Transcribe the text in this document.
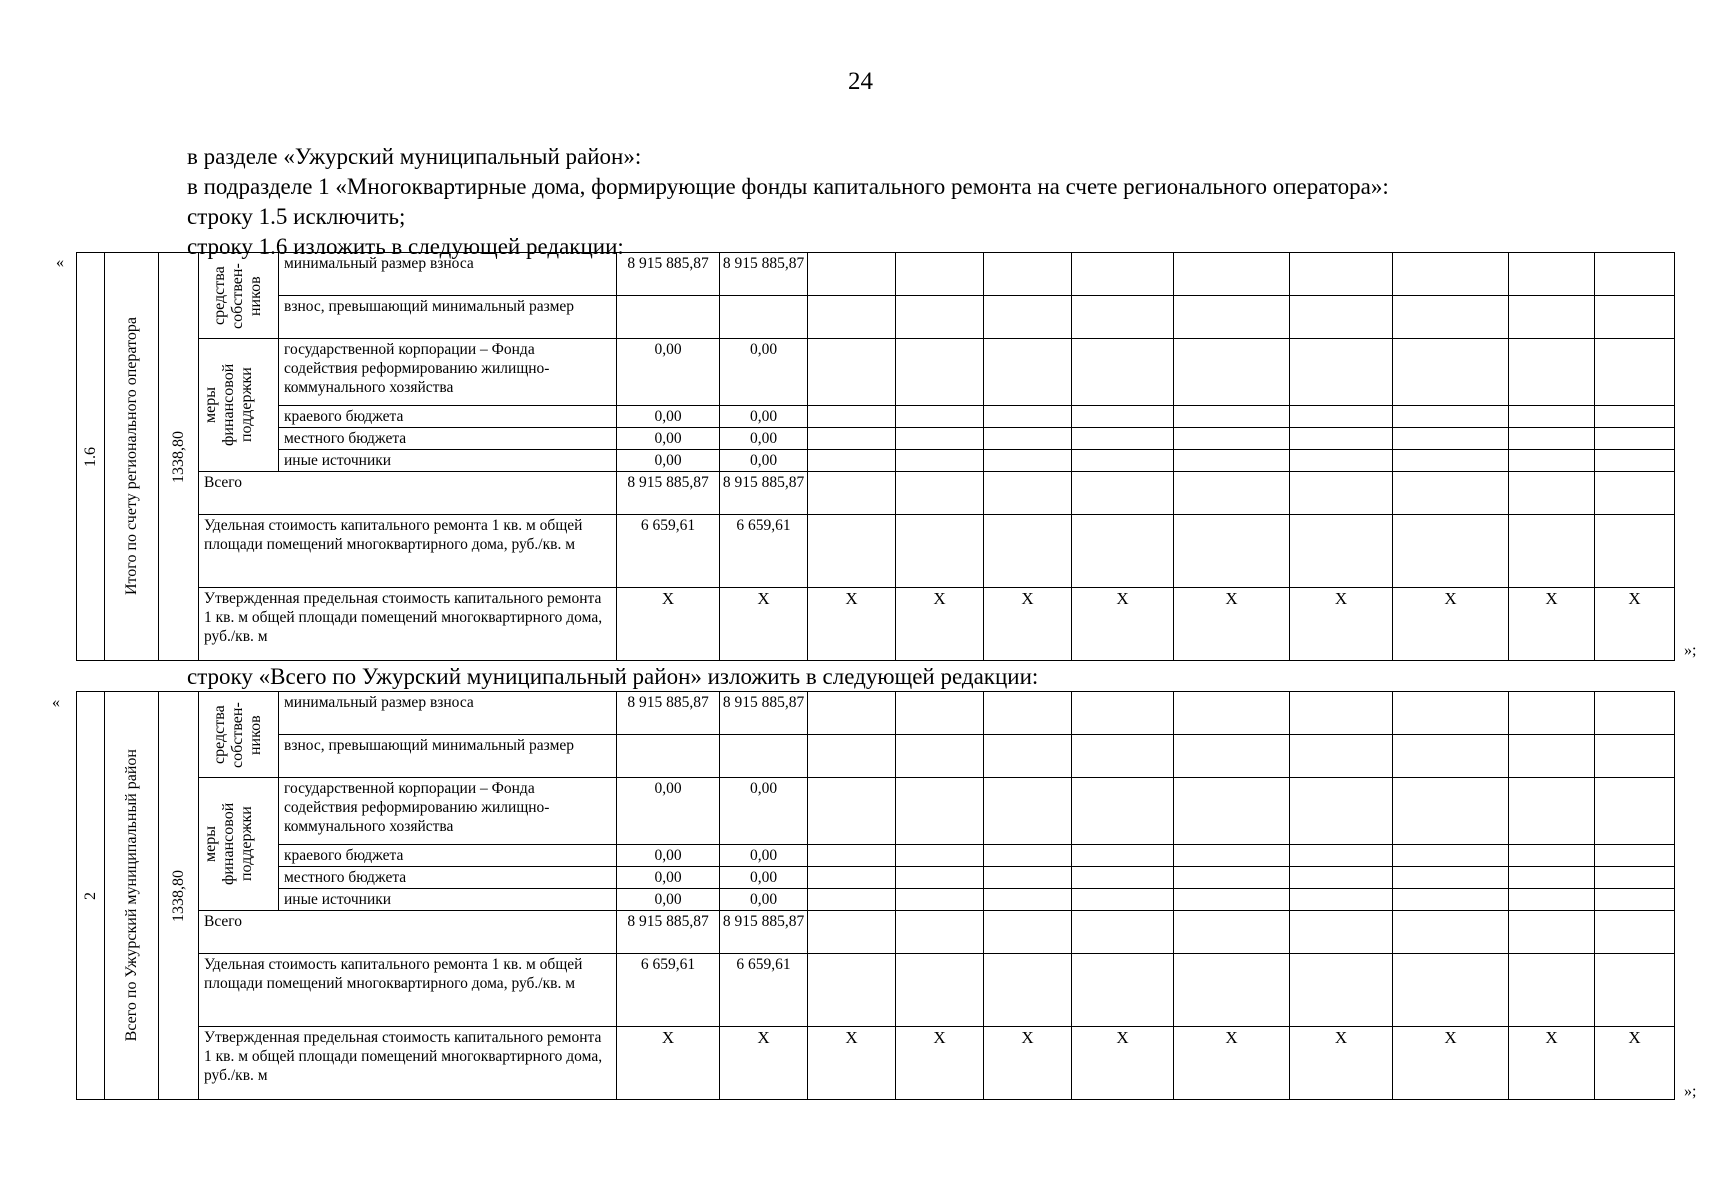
24
в разделе «Ужурский муниципальный район»:
в подразделе 1 «Многоквартирные дома, формирующие фонды капитального ремонта на счете регионального оператора»:
строку 1.5 исключить;
строку 1.6 изложить в следующей редакции:
«
»;
строку «Всего по Ужурский муниципальный район» изложить в следующей редакции:
«
»;
1.6	Итого по счету регионального оператора	1338,80	средства собствен-ников	минимальный размер взноса	8 915 885,87	8 915 885,87									
				взнос, превышающий минимальный размер											

			меры финансовой поддержки	государственной корпорации – Фонда содействия реформированию жилищно-коммунального хозяйства	0,00	0,00									
				краевого бюджета	0,00	0,00									
				местного бюджета	0,00	0,00									
				иные источники	0,00	0,00									
			Всего		8 915 885,87	8 915 885,87									
			Удельная стоимость капитального ремонта 1 кв. м общей площади помещений многоквартирного дома, руб./кв. м		6 659,61	6 659,61									
			Утвержденная предельная стоимость капитального ремонта 1 кв. м общей площади помещений многоквартирного дома, руб./кв. м		X	X	X	X	X	X	X	X	X	X	X
2	Всего по Ужурский муниципальный район	1338,80	средства собствен-ников	минимальный размер взноса	8 915 885,87	8 915 885,87									
				взнос, превышающий минимальный размер											

			меры финансовой поддержки	государственной корпорации – Фонда содействия реформированию жилищно-коммунального хозяйства	0,00	0,00									
				краевого бюджета	0,00	0,00									
				местного бюджета	0,00	0,00									
				иные источники	0,00	0,00									
			Всего		8 915 885,87	8 915 885,87									
			Удельная стоимость капитального ремонта 1 кв. м общей площади помещений многоквартирного дома, руб./кв. м		6 659,61	6 659,61									
			Утвержденная предельная стоимость капитального ремонта 1 кв. м общей площади помещений многоквартирного дома, руб./кв. м		X	X	X	X	X	X	X	X	X	X	X
